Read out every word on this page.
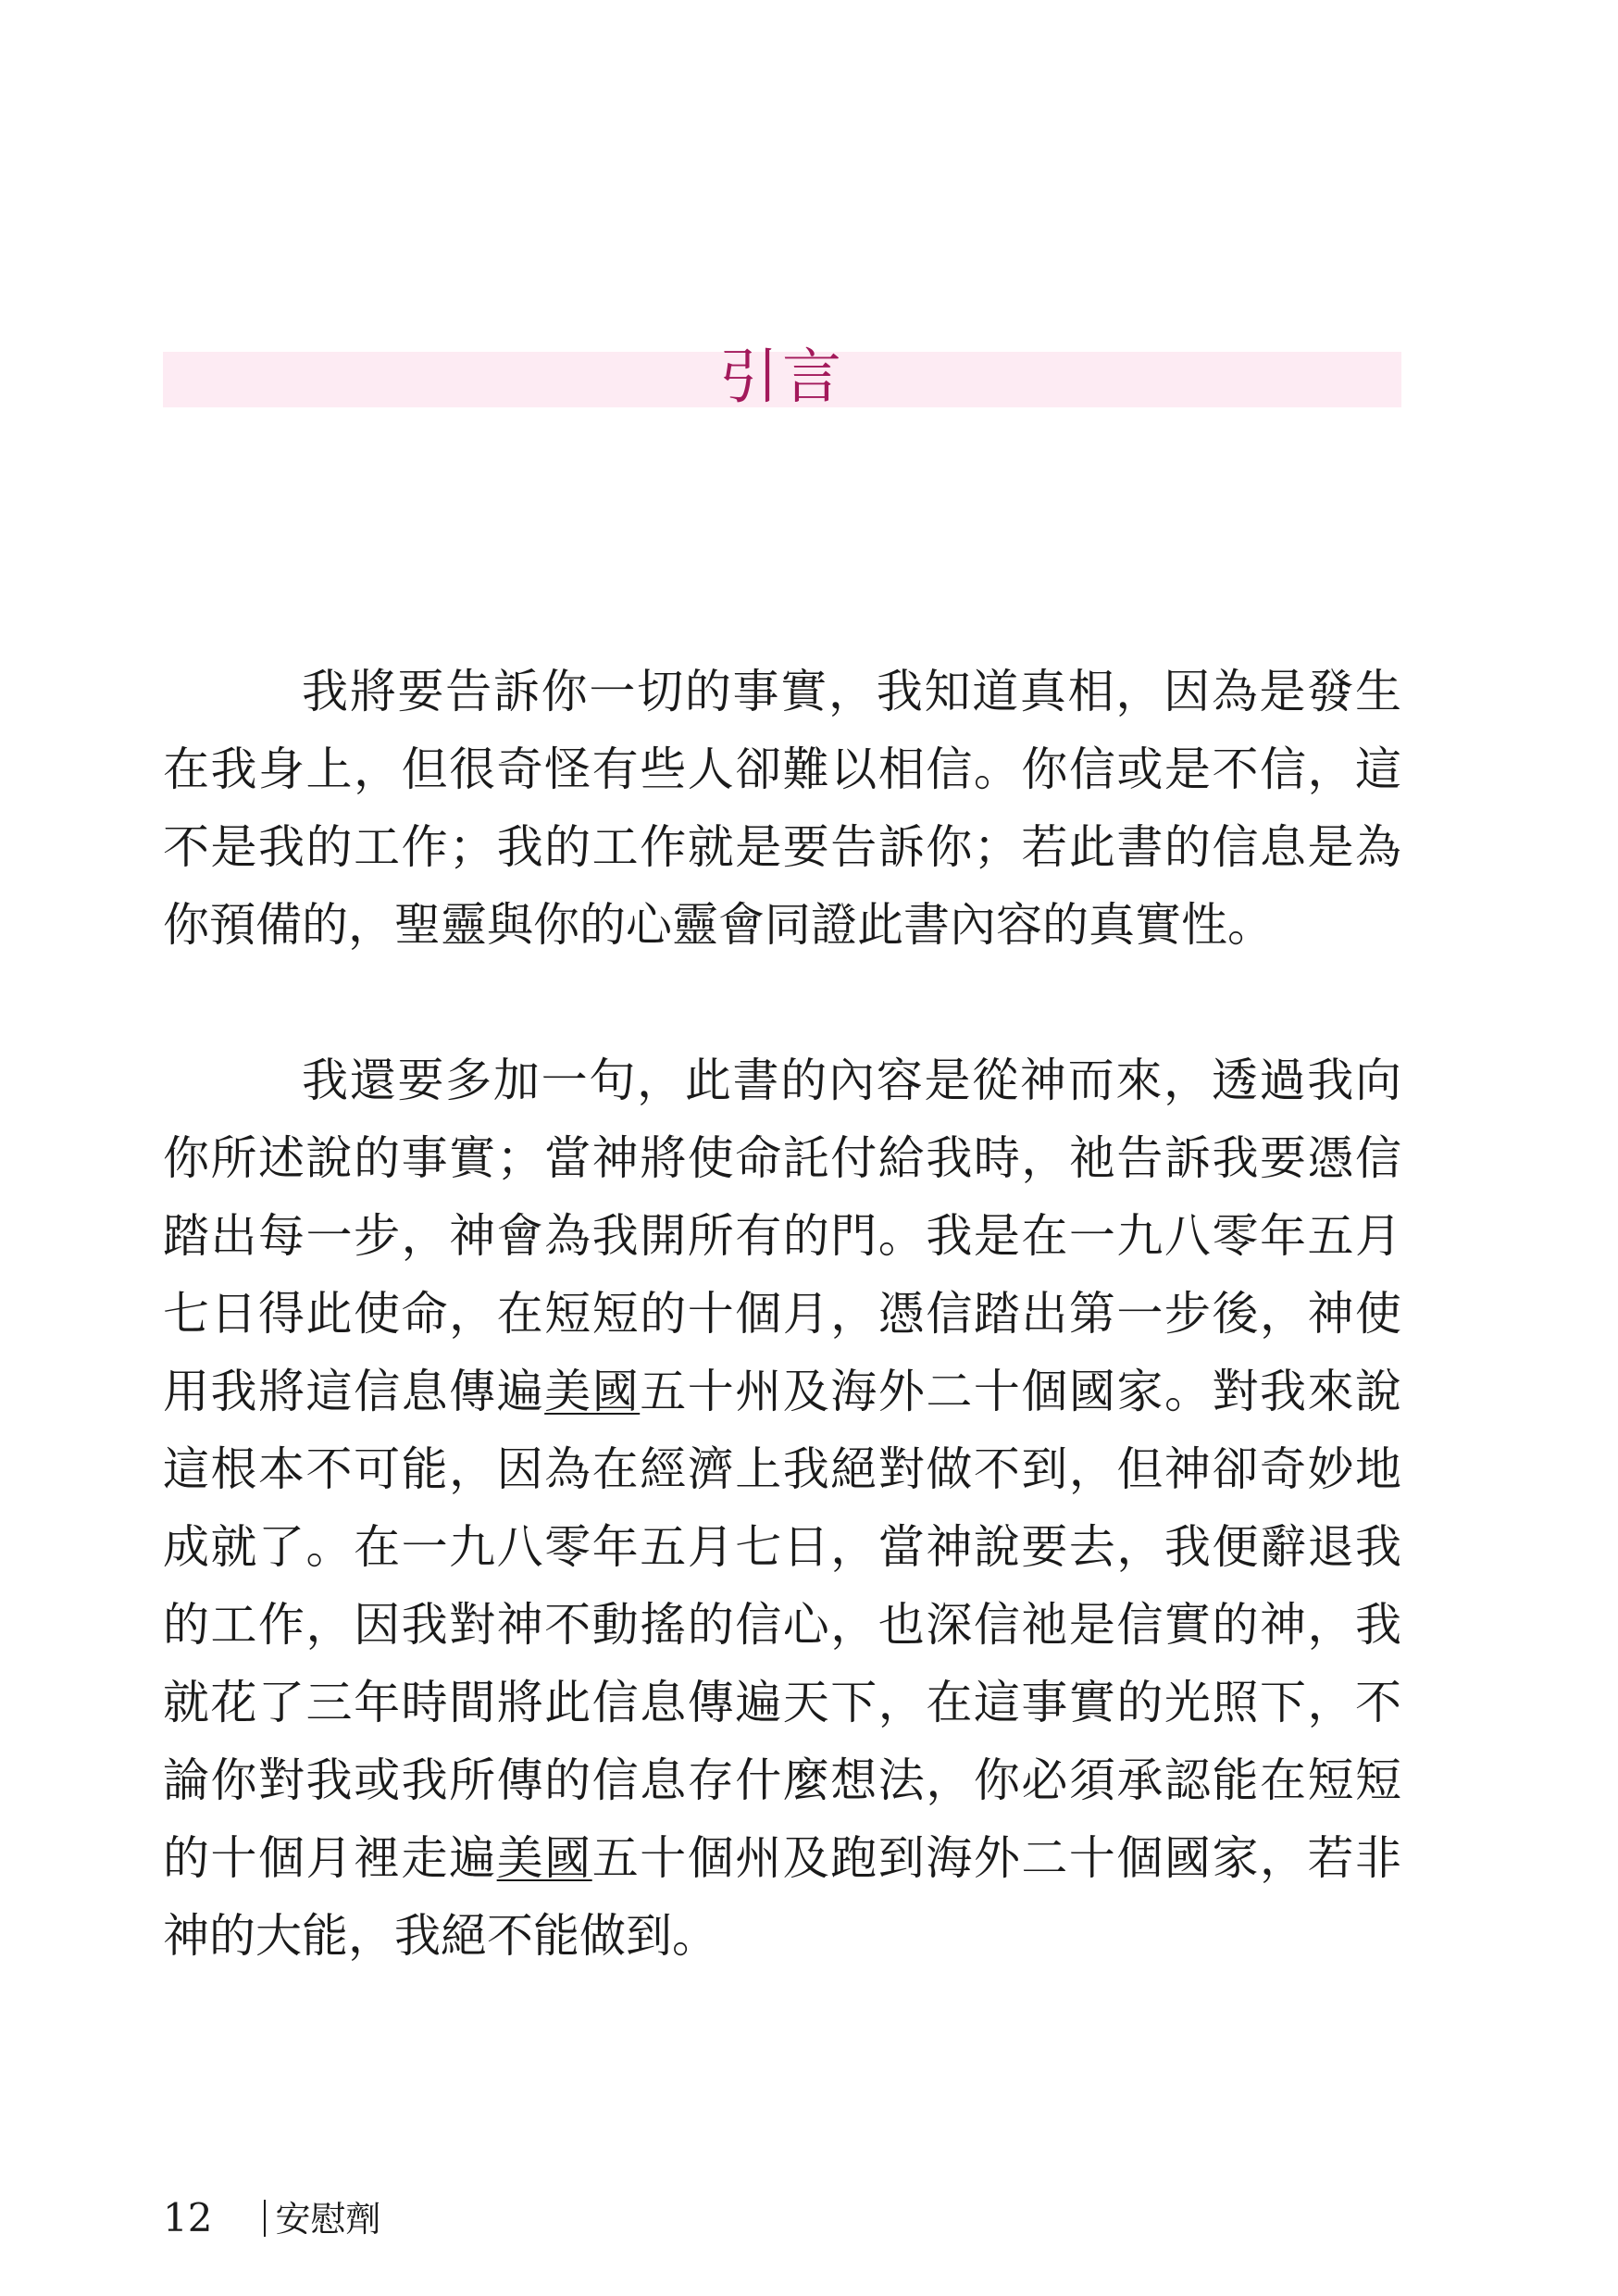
引言

我將要告訴你一切的事實，我知道真相，因為是發生在我身上，但很奇怪有些人卻難以相信。你信或是不信，這不是我的工作；我的工作就是要告訴你；若此書的信息是為你預備的，聖靈與你的心靈會同證此書內容的真實性。

我還要多加一句，此書的內容是從神而來，透過我向你所述說的事實；當神將使命託付給我時，祂告訴我要憑信踏出每一步，神會為我開所有的門。我是在一九八零年五月七日得此使命，在短短的十個月，憑信踏出第一步後，神使用我將這信息傳遍美國五十州及海外二十個國家。對我來說這根本不可能，因為在經濟上我絕對做不到，但神卻奇妙地成就了。在一九八零年五月七日，當神說要去，我便辭退我的工作，因我對神不動搖的信心，也深信祂是信實的神，我就花了三年時間將此信息傳遍天下，在這事實的光照下，不論你對我或我所傳的信息存什麼想法，你必須承認能在短短的十個月裡走遍美國五十個州及跑到海外二十個國家，若非神的大能，我絕不能做到。

12 安慰劑
